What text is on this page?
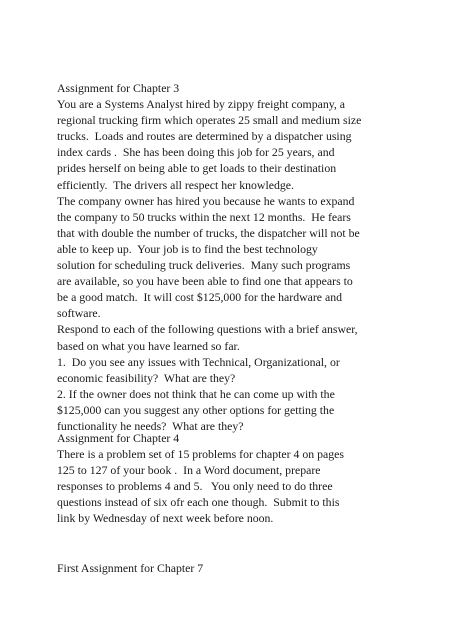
Assignment for Chapter 3
You are a Systems Analyst hired by zippy freight company, a
regional trucking firm which operates 25 small and medium size
trucks.  Loads and routes are determined by a dispatcher using
index cards .  She has been doing this job for 25 years, and
prides herself on being able to get loads to their destination
efficiently.  The drivers all respect her knowledge.
The company owner has hired you because he wants to expand
the company to 50 trucks within the next 12 months.  He fears
that with double the number of trucks, the dispatcher will not be
able to keep up.  Your job is to find the best technology
solution for scheduling truck deliveries.  Many such programs
are available, so you have been able to find one that appears to
be a good match.  It will cost $125,000 for the hardware and
software.
Respond to each of the following questions with a brief answer,
based on what you have learned so far.
1.  Do you see any issues with Technical, Organizational, or
economic feasibility?  What are they?
2. If the owner does not think that he can come up with the
$125,000 can you suggest any other options for getting the
functionality he needs?  What are they?
Assignment for Chapter 4
There is a problem set of 15 problems for chapter 4 on pages
125 to 127 of your book .  In a Word document, prepare
responses to problems 4 and 5.   You only need to do three
questions instead of six ofr each one though.  Submit to this
link by Wednesday of next week before noon.
First Assignment for Chapter 7
